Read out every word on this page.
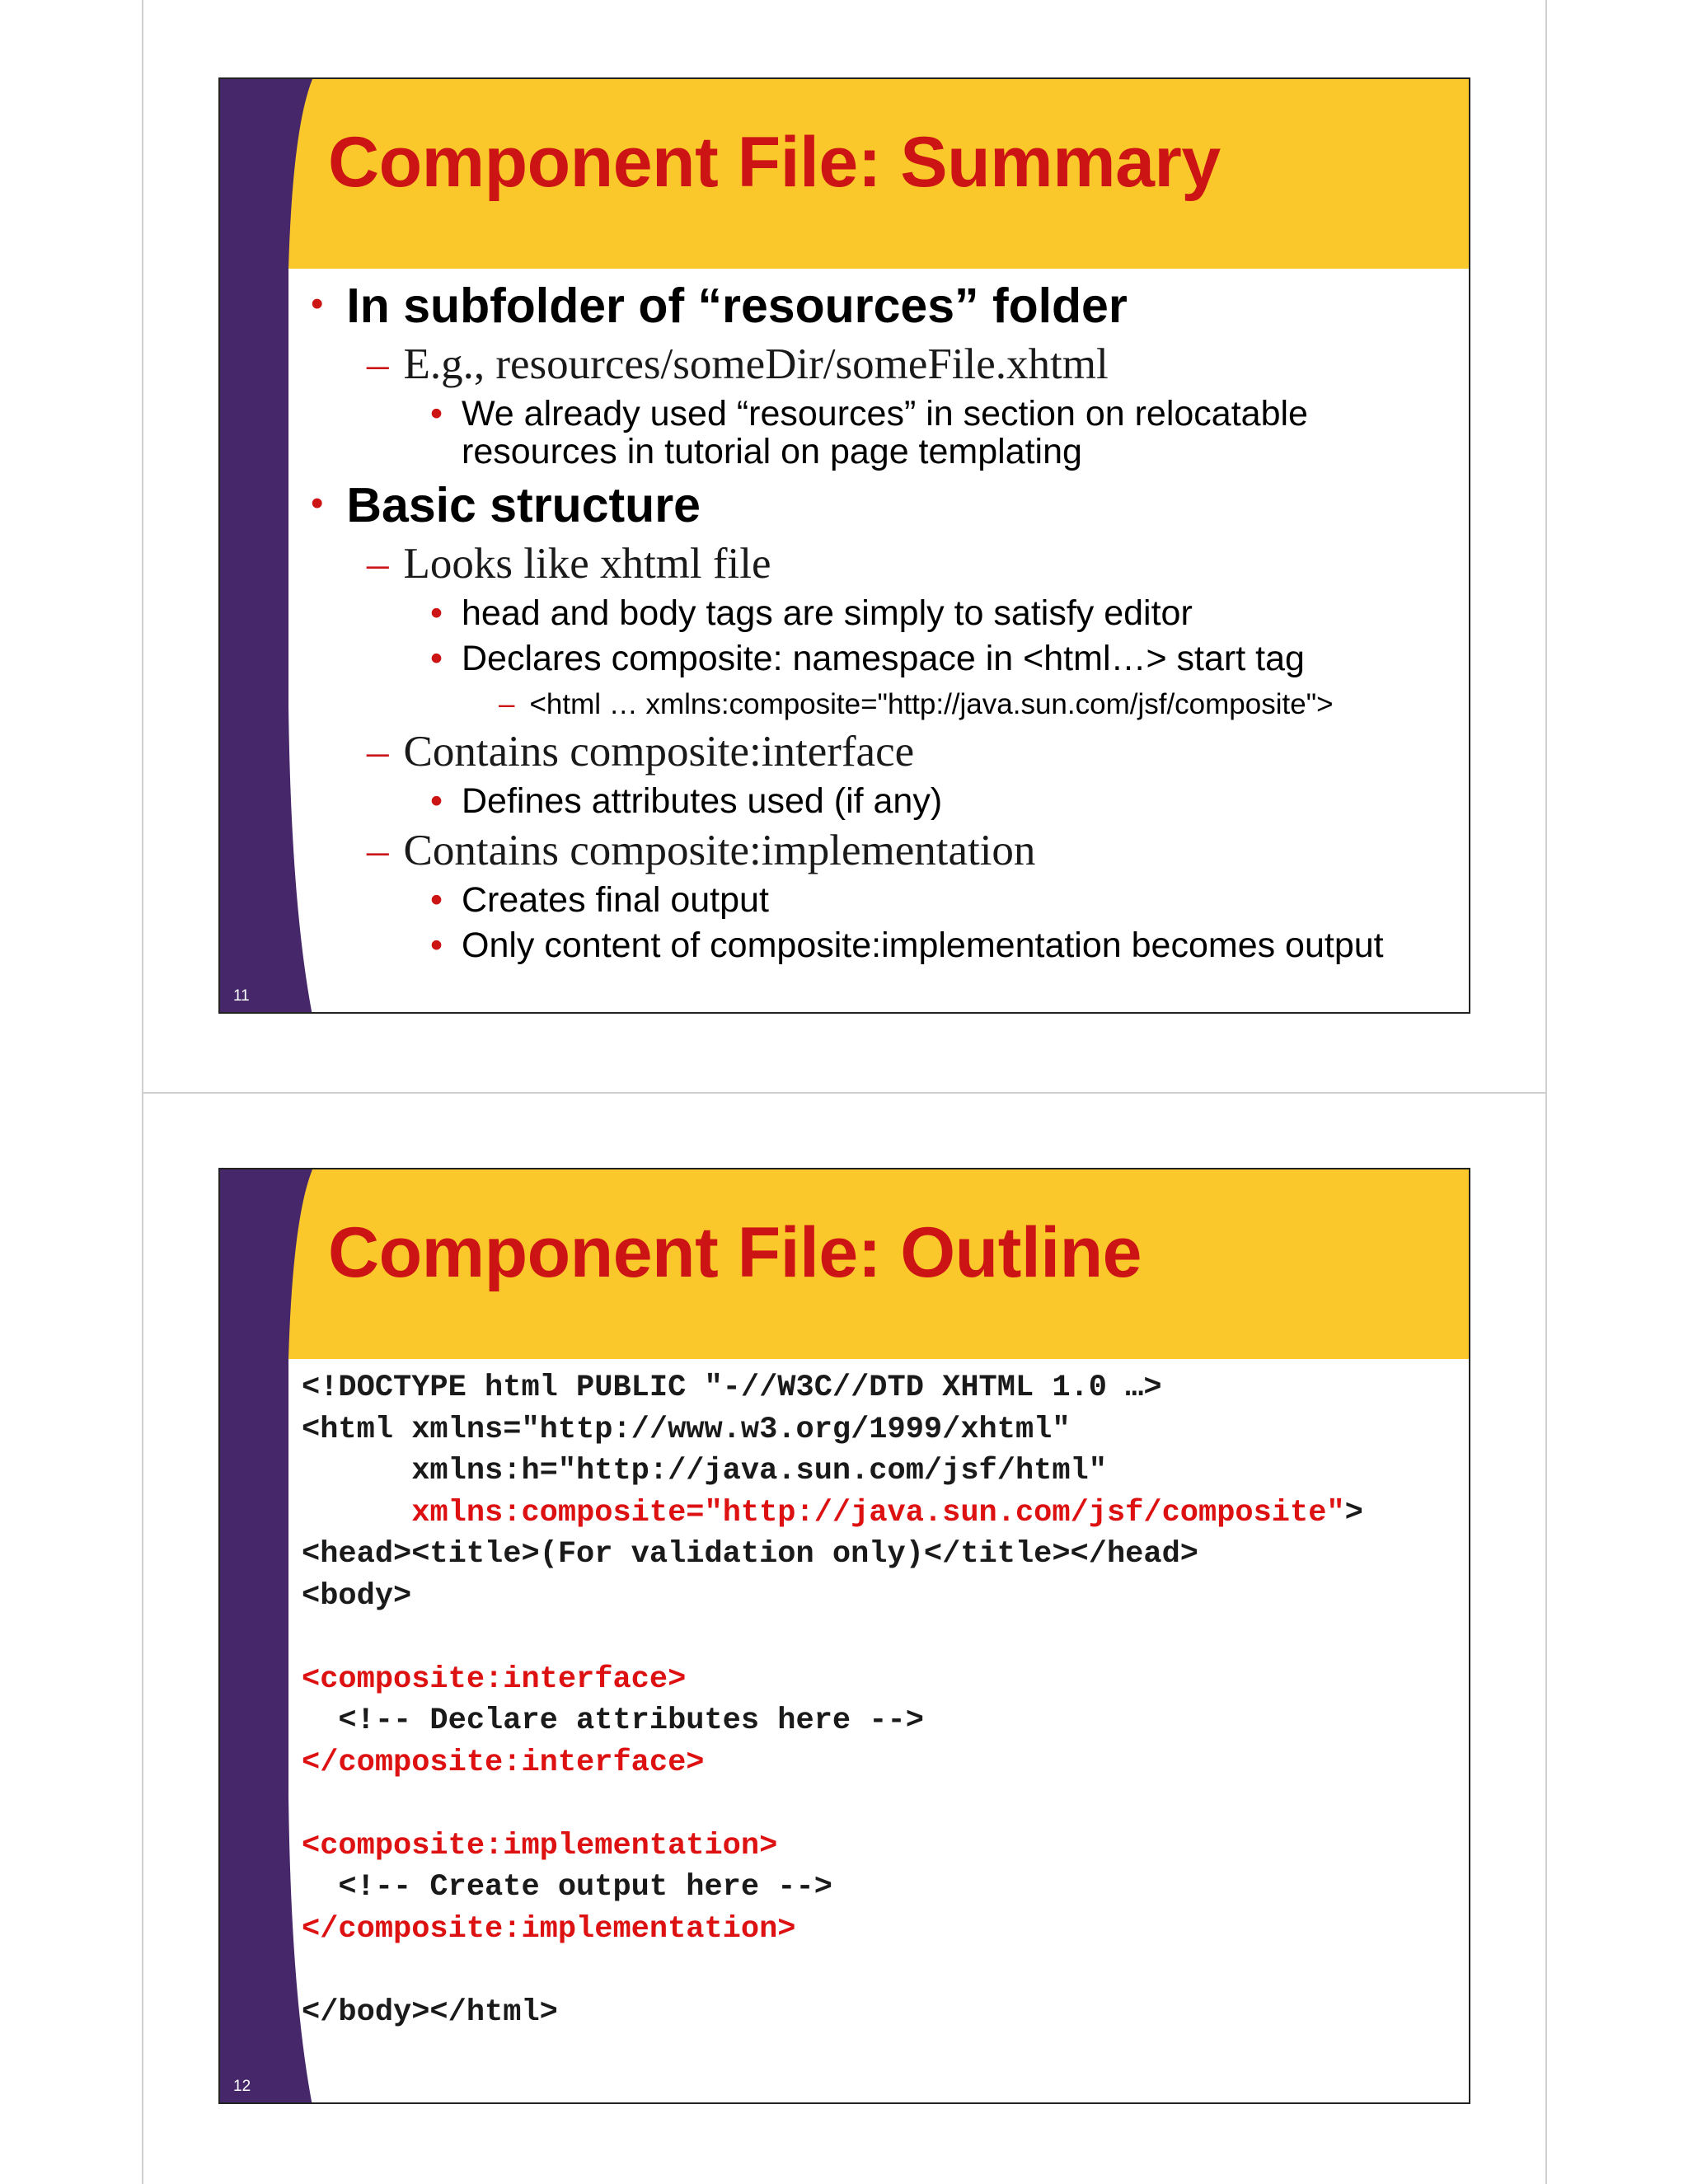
Component File: Summary
• In subfolder of “resources” folder
– E.g., resources/someDir/someFile.xhtml
• We already used “resources” in section on relocatable resources in tutorial on page templating
• Basic structure
– Looks like xhtml file
• head and body tags are simply to satisfy editor
• Declares composite: namespace in <html…> start tag
– <html … xmlns:composite="http://java.sun.com/jsf/composite">
– Contains composite:interface
• Defines attributes used (if any)
– Contains composite:implementation
• Creates final output
• Only content of composite:implementation becomes output
11
Component File: Outline
<!DOCTYPE html PUBLIC "-//W3C//DTD XHTML 1.0 …>
<html xmlns="http://www.w3.org/1999/xhtml"
xmlns:h="http://java.sun.com/jsf/html"
xmlns:composite="http://java.sun.com/jsf/composite">
<head><title>(For validation only)</title></head>
<body>
<composite:interface>
<!-- Declare attributes here -->
</composite:interface>
<composite:implementation>
<!-- Create output here -->
</composite:implementation>
</body></html>
12
